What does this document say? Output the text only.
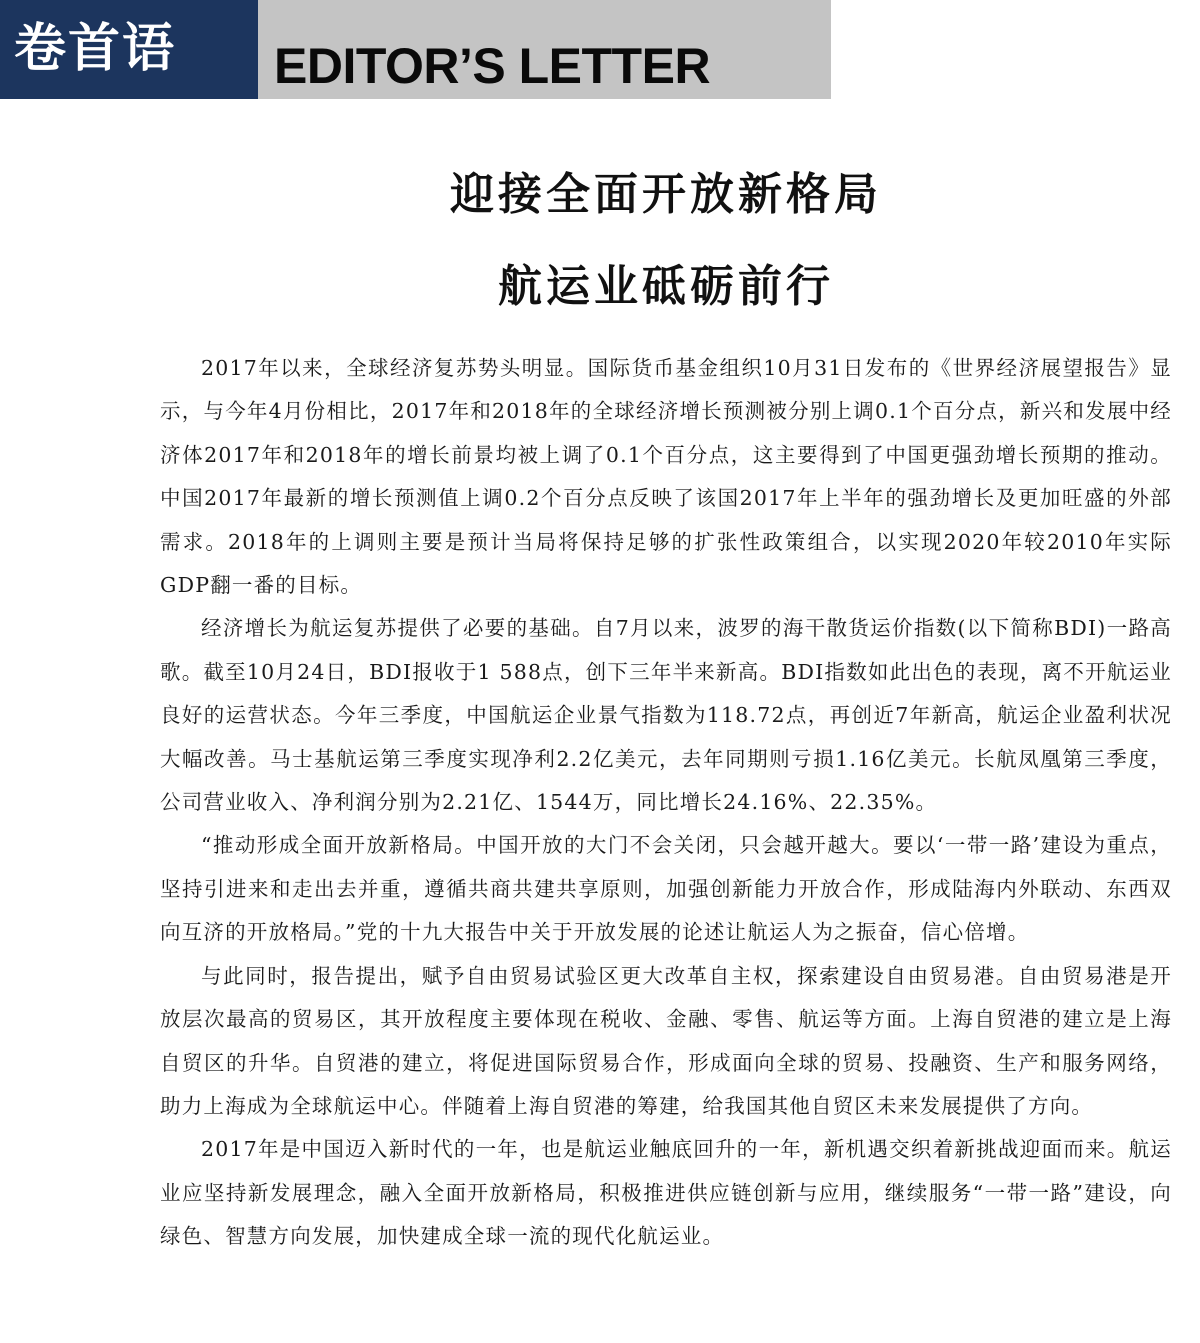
卷首语	EDITOR’S LETTER
迎接全面开放新格局
航运业砥砺前行

2017年以来，全球经济复苏势头明显。国际货币基金组织10月31日发布的《世界经济展望报告》显示，与今年4月份相比，2017年和2018年的全球经济增长预测被分别上调0.1个百分点，新兴和发展中经济体2017年和2018年的增长前景均被上调了0.1个百分点，这主要得到了中国更强劲增长预期的推动。中国2017年最新的增长预测值上调0.2个百分点反映了该国2017年上半年的强劲增长及更加旺盛的外部需求。2018年的上调则主要是预计当局将保持足够的扩张性政策组合，以实现2020年较2010年实际GDP翻一番的目标。

经济增长为航运复苏提供了必要的基础。自7月以来，波罗的海干散货运价指数(以下简称BDI)一路高歌。截至10月24日，BDI报收于1 588点，创下三年半来新高。BDI指数如此出色的表现，离不开航运业良好的运营状态。今年三季度，中国航运企业景气指数为118.72点，再创近7年新高，航运企业盈利状况大幅改善。马士基航运第三季度实现净利2.2亿美元，去年同期则亏损1.16亿美元。长航凤凰第三季度，公司营业收入、净利润分别为2.21亿、1544万，同比增长24.16%、22.35%。

“推动形成全面开放新格局。中国开放的大门不会关闭，只会越开越大。要以‘一带一路’建设为重点，坚持引进来和走出去并重，遵循共商共建共享原则，加强创新能力开放合作，形成陆海内外联动、东西双向互济的开放格局。”党的十九大报告中关于开放发展的论述让航运人为之振奋，信心倍增。

与此同时，报告提出，赋予自由贸易试验区更大改革自主权，探索建设自由贸易港。自由贸易港是开放层次最高的贸易区，其开放程度主要体现在税收、金融、零售、航运等方面。上海自贸港的建立是上海自贸区的升华。自贸港的建立，将促进国际贸易合作，形成面向全球的贸易、投融资、生产和服务网络，助力上海成为全球航运中心。伴随着上海自贸港的筹建，给我国其他自贸区未来发展提供了方向。

2017年是中国迈入新时代的一年，也是航运业触底回升的一年，新机遇交织着新挑战迎面而来。航运业应坚持新发展理念，融入全面开放新格局，积极推进供应链创新与应用，继续服务“一带一路”建设，向绿色、智慧方向发展，加快建成全球一流的现代化航运业。
